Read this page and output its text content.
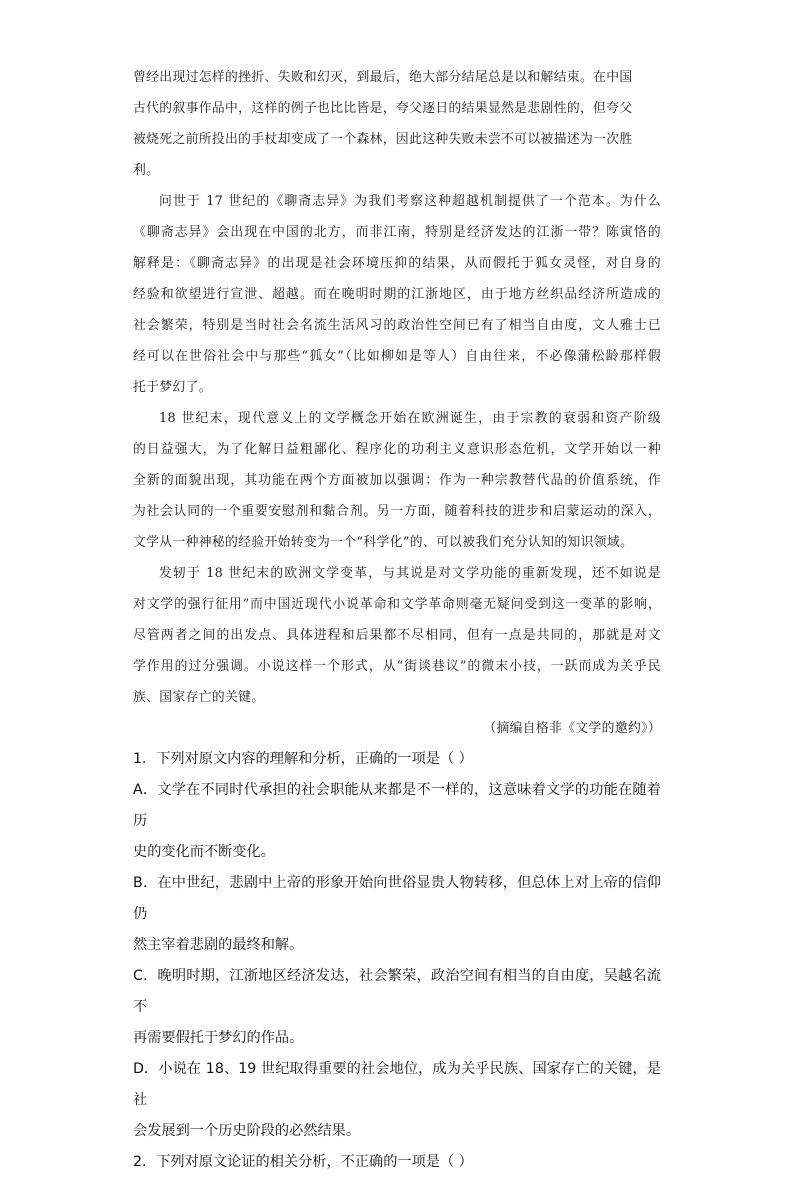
曾经出现过怎样的挫折、失败和幻灭，到最后，绝大部分结尾总是以和解结束。在中国
古代的叙事作品中，这样的例子也比比皆是，夸父逐日的结果显然是悲剧性的，但夸父
被烧死之前所投出的手杖却变成了一个森林，因此这种失败未尝不可以被描述为一次胜
利。

问世于 17 世纪的《聊斋志异》为我们考察这种超越机制提供了一个范本。为什么
《聊斋志异》会出现在中国的北方，而非江南，特别是经济发达的江浙一带？陈寅恪的
解释是：《聊斋志异》的出现是社会环境压抑的结果，从而假托于狐女灵怪，对自身的
经验和欲望进行宣泄、超越。而在晚明时期的江浙地区，由于地方丝织品经济所造成的
社会繁荣，特别是当时社会名流生活风习的政治性空间已有了相当自由度，文人雅士已
经可以在世俗社会中与那些“狐女”（比如柳如是等人）自由往来，不必像蒲松龄那样假
托于梦幻了。

18 世纪末，现代意义上的文学概念开始在欧洲诞生，由于宗教的衰弱和资产阶级
的日益强大，为了化解日益粗鄙化、程序化的功利主义意识形态危机，文学开始以一种
全新的面貌出现，其功能在两个方面被加以强调：作为一种宗教替代品的价值系统，作
为社会认同的一个重要安慰剂和黏合剂。另一方面，随着科技的进步和启蒙运动的深入，
文学从一种神秘的经验开始转变为一个“科学化”的、可以被我们充分认知的知识领域。

发轫于 18 世纪末的欧洲文学变革，与其说是对文学功能的重新发现，还不如说是
对文学的强行征用”而中国近现代小说革命和文学革命则毫无疑问受到这一变革的影响，
尽管两者之间的出发点、具体进程和后果都不尽相同，但有一点是共同的，那就是对文
学作用的过分强调。小说这样一个形式，从“街谈巷议”的微末小技，一跃而成为关乎民
族、国家存亡的关键。

（摘编自格非《文学的邀约》）

1．下列对原文内容的理解和分析，正确的一项是（ ）

A．文学在不同时代承担的社会职能从来都是不一样的，这意味着文学的功能在随着历
史的变化而不断变化。

B．在中世纪，悲剧中上帝的形象开始向世俗显贵人物转移，但总体上对上帝的信仰仍
然主宰着悲剧的最终和解。

C．晚明时期，江浙地区经济发达，社会繁荣，政治空间有相当的自由度，吴越名流不
再需要假托于梦幻的作品。

D．小说在 18、19 世纪取得重要的社会地位，成为关乎民族、国家存亡的关键，是社
会发展到一个历史阶段的必然结果。

2．下列对原文论证的相关分析，不正确的一项是（ ）
